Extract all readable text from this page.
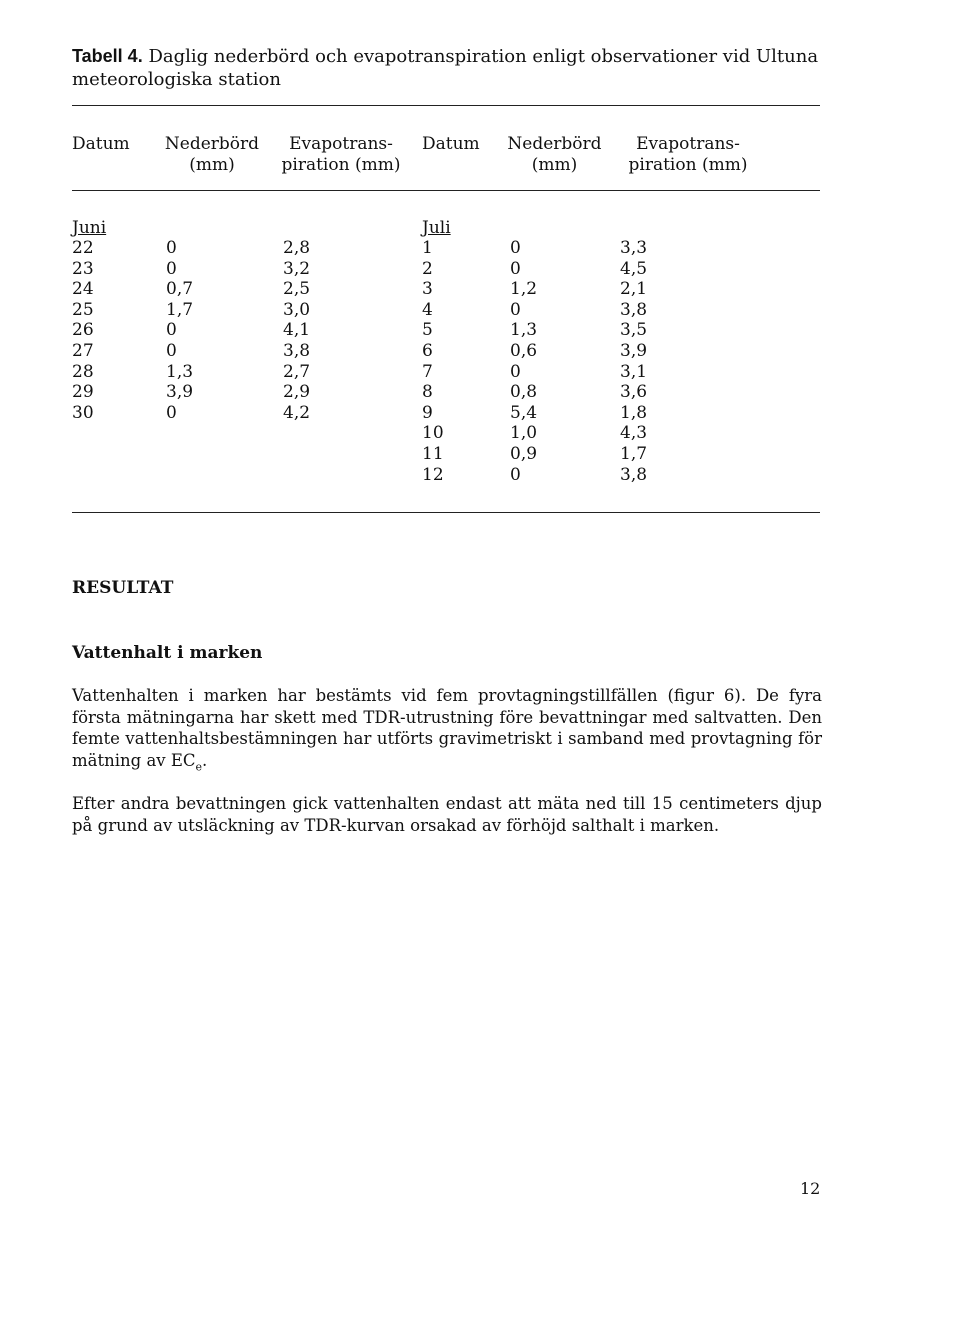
Tabell 4. Daglig nederbörd och evapotranspiration enligt observationer vid Ultuna meteorologiska station
Datum Nederbörd
(mm)
Evapotrans-
piration (mm)
Datum	Nederbörd
(mm)
Evapotrans-
piration (mm)
Juni	Juli
22
23
24
25
26
27
28
29
30
0
0
0,7
1,7
0
0
1,3
3,9
0
2,8
3,2
2,5
3,0
4,1
3,8
2,7
2,9
4,2
1
2
3
4
5
6
7
8
9
10
11
12
0
0
1,2
0
1,3
0,6
0
0,8
5,4
1,0
0,9
0
3,3
4,5
2,1
3,8
3,5
3,9
3,1
3,6
1,8
4,3
1,7
3,8
RESULTAT
Vattenhalt i marken
Vattenhalten i marken har bestämts vid fem provtagningstillfällen (figur 6). De fyra första mätningarna har skett med TDR-utrustning före bevattningar med saltvatten. Den femte vattenhaltsbestämningen har utförts gravimetriskt i samband med provtagning för mätning av $EC_e$.
Efter andra bevattningen gick vattenhalten endast att mäta ned till 15 centimeters djup på grund av utsläckning av TDR-kurvan orsakad av förhöjd salthalt i marken.
12
